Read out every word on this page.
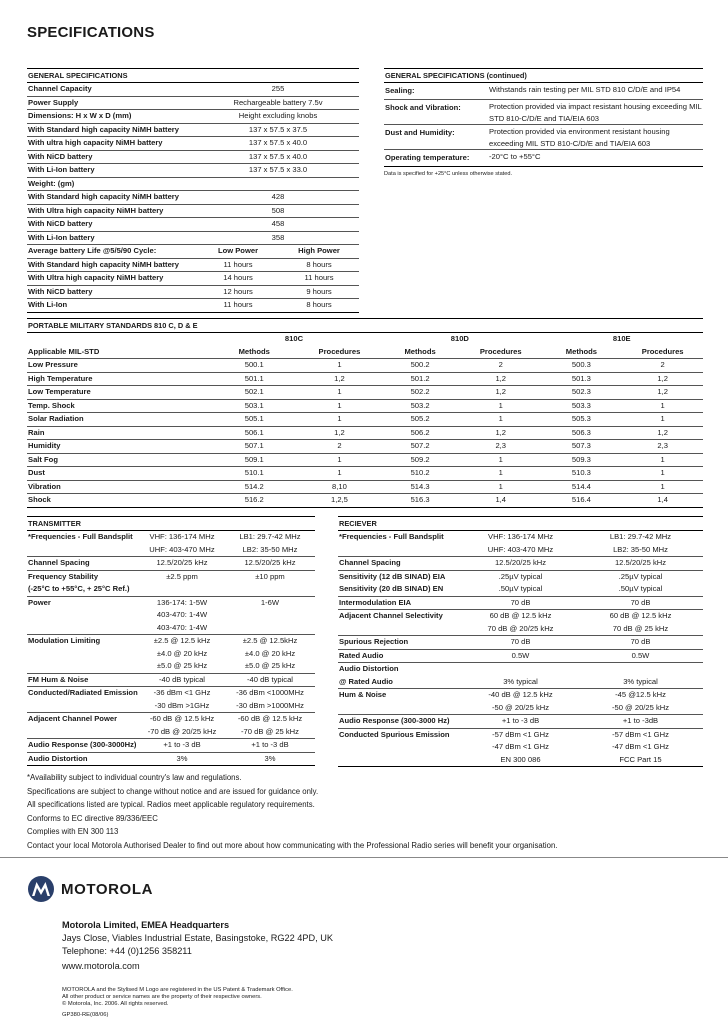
SPECIFICATIONS
GENERAL SPECIFICATIONS
Channel Capacity	255	
Power Supply	Rechargeable battery 7.5v	
Dimensions: H x W x D (mm)	Height excluding knobs	
With Standard high capacity NiMH battery	137 x 57.5 x 37.5	
With ultra high capacity NiMH battery	137 x 57.5 x 40.0	
With NiCD battery	137 x 57.5 x 40.0	
With Li-Ion battery	137 x 57.5 x 33.0	
Weight: (gm)		
With Standard high capacity NiMH battery	428	
With Ultra high capacity NiMH battery	508	
With NiCD battery	458	
With Li-Ion battery	358	
Average battery Life @5/5/90 Cycle:	Low Power	High Power
With Standard high capacity NiMH battery	11 hours	8 hours
With Ultra high capacity NiMH battery	14 hours	11 hours
With NiCD battery	12 hours	9 hours
With Li-Ion	11 hours	8 hours
GENERAL SPECIFICATIONS (continued)
Sealing:	Withstands rain testing per MIL STD 810 C/D/E and IP54
Shock and Vibration:	Protection provided via impact resistant housing exceeding MIL STD 810-C/D/E and TIA/EIA 603
Dust and Humidity:	Protection provided via environment resistant housing exceeding MIL STD 810-C/D/E and TIA/EIA 603
Operating temperature:	-20°C to +55°C
Data is specified for +25°C unless otherwise stated.
PORTABLE MILITARY STANDARDS 810 C, D & E
	810C		810D		810E	
Applicable MIL-STD	Methods	Procedures	Methods	Procedures	Methods	Procedures
Low Pressure	500.1	1	500.2	2	500.3	2
High Temperature	501.1	1,2	501.2	1,2	501.3	1,2
Low Temperature	502.1	1	502.2	1,2	502.3	1,2
Temp. Shock	503.1	1	503.2	1	503.3	1
Solar Radiation	505.1	1	505.2	1	505.3	1
Rain	506.1	1,2	506.2	1,2	506.3	1,2
Humidity	507.1	2	507.2	2,3	507.3	2,3
Salt Fog	509.1	1	509.2	1	509.3	1
Dust	510.1	1	510.2	1	510.3	1
Vibration	514.2	8,10	514.3	1	514.4	1
Shock	516.2	1,2,5	516.3	1,4	516.4	1,4
TRANSMITTER
*Frequencies - Full Bandsplit	VHF: 136-174 MHz	LB1: 29.7-42 MHz
	UHF: 403-470 MHz	LB2: 35-50 MHz
Channel Spacing	12.5/20/25 kHz	12.5/20/25 kHz
Frequency Stability	±2.5 ppm	±10 ppm
(-25°C to +55°C, + 25°C Ref.)		
Power	136-174: 1-5W	1-6W
	403-470: 1-4W	
	403-470: 1-4W	
Modulation Limiting	±2.5 @ 12.5 kHz	±2.5 @ 12.5kHz
	±4.0 @ 20 kHz	±4.0 @ 20 kHz
	±5.0 @ 25 kHz	±5.0 @ 25 kHz
FM Hum & Noise	-40 dB typical	-40 dB typical
Conducted/Radiated Emission	-36 dBm <1 GHz	-36 dBm <1000MHz
	-30 dBm >1GHz	-30 dBm >1000MHz
Adjacent Channel Power	-60 dB @ 12.5 kHz	-60 dB @ 12.5 kHz
	-70 dB @ 20/25 kHz	-70 dB @ 25 kHz
Audio Response (300-3000Hz)	+1 to -3 dB	+1 to -3 dB
Audio Distortion	3%	3%
RECIEVER
*Frequencies - Full Bandsplit	VHF: 136-174 MHz	LB1: 29.7-42 MHz
	UHF: 403-470 MHz	LB2: 35-50 MHz
Channel Spacing	12.5/20/25 kHz	12.5/20/25 kHz
Sensitivity (12 dB SINAD) EIA	.25µV typical	.25µV typical
Sensitivity (20 dB SINAD) EN	.50µV typical	.50µV typical
Intermodulation EIA	70 dB	70 dB
Adjacent Channel Selectivity	60 dB @ 12.5 kHz	60 dB @ 12.5 kHz
	70 dB @ 20/25 kHz	70 dB @ 25 kHz
Spurious Rejection	70 dB	70 dB
Rated Audio	0.5W	0.5W
Audio Distortion		
@ Rated Audio	3% typical	3% typical
Hum & Noise	-40 dB @ 12.5 kHz	-45 @12.5 kHz
	-50 @ 20/25 kHz	-50 @ 20/25 kHz
Audio Response (300-3000 Hz)	+1 to -3 dB	+1 to -3dB
Conducted Spurious Emission	-57 dBm <1 GHz	-57 dBm <1 GHz
	-47 dBm <1 GHz	-47 dBm <1 GHz
	EN 300 086	FCC Part 15
*Availability subject to individual country's law and regulations.
Specifications are subject to change without notice and are issued for guidance only.
All specifications listed are typical. Radios meet applicable regulatory requirements.
Conforms to EC directive 89/336/EEC
Complies with EN 300 113
Contact your local Motorola Authorised Dealer to find out more about how communicating with the Professional Radio series will benefit your organisation.
MOTOROLA
Motorola Limited, EMEA Headquarters
Jays Close, Viables Industrial Estate, Basingstoke, RG22 4PD, UK
Telephone: +44 (0)1256 358211
www.motorola.com
MOTOROLA and the Stylised M Logo are registered in the US Patent & Trademark Office.
All other product or service names are the property of their respective owners.
© Motorola, Inc. 2006. All rights reserved.
GP380-RE(08/06)
